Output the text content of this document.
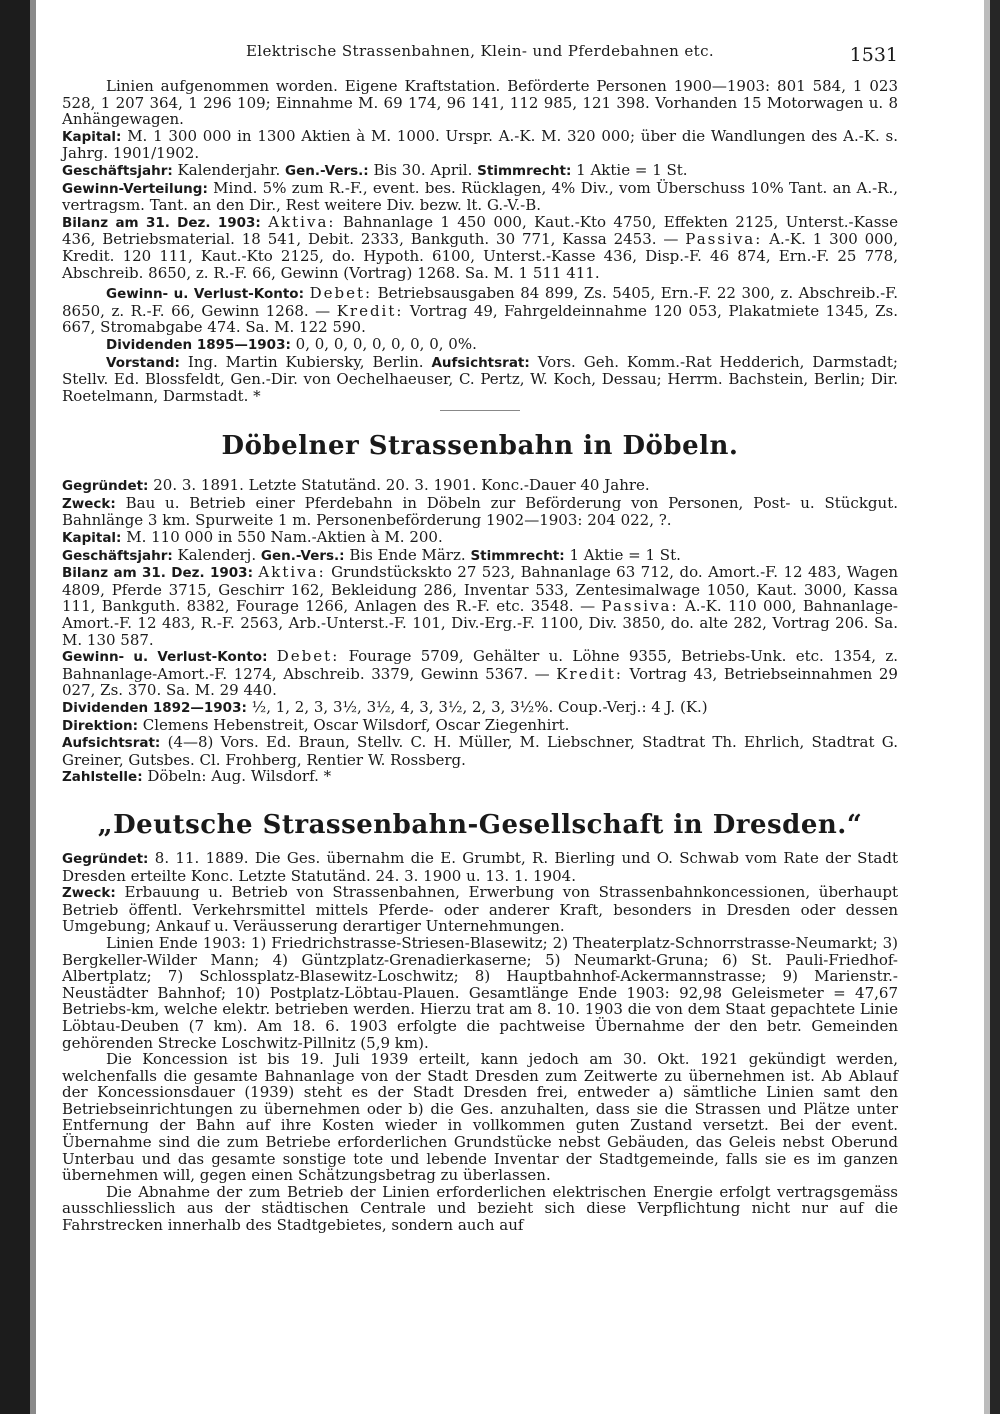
Elektrische Strassenbahnen, Klein- und Pferdebahnen etc.	1531

Linien aufgenommen worden. Eigene Kraftstation. Beförderte Personen 1900—1903: 801 584, 1 023 528, 1 207 364, 1 296 109; Einnahme M. 69 174, 96 141, 112 985, 121 398. Vorhanden 15 Motorwagen u. 8 Anhängewagen.

Kapital: M. 1 300 000 in 1300 Aktien à M. 1000. Urspr. A.-K. M. 320 000; über die Wandlungen des A.-K. s. Jahrg. 1901/1902.

Geschäftsjahr: Kalenderjahr. Gen.-Vers.: Bis 30. April. Stimmrecht: 1 Aktie = 1 St.

Gewinn-Verteilung: Mind. 5% zum R.-F., event. bes. Rücklagen, 4% Div., vom Überschuss 10% Tant. an A.-R., vertragsm. Tant. an den Dir., Rest weitere Div. bezw. lt. G.-V.-B.

Bilanz am 31. Dez. 1903: Aktiva: Bahnanlage 1 450 000, Kaut.-Kto 4750, Effekten 2125, Unterst.-Kasse 436, Betriebsmaterial. 18 541, Debit. 2333, Bankguth. 30 771, Kassa 2453. — Passiva: A.-K. 1 300 000, Kredit. 120 111, Kaut.-Kto 2125, do. Hypoth. 6100, Unterst.-Kasse 436, Disp.-F. 46 874, Ern.-F. 25 778, Abschreib. 8650, z. R.-F. 66, Gewinn (Vortrag) 1268. Sa. M. 1 511 411.

Gewinn- u. Verlust-Konto: Debet: Betriebsausgaben 84 899, Zs. 5405, Ern.-F. 22 300, z. Abschreib.-F. 8650, z. R.-F. 66, Gewinn 1268. — Kredit: Vortrag 49, Fahrgeldeinnahme 120 053, Plakatmiete 1345, Zs. 667, Stromabgabe 474. Sa. M. 122 590.

Dividenden 1895—1903: 0, 0, 0, 0, 0, 0, 0, 0, 0%.

Vorstand: Ing. Martin Kubiersky, Berlin. Aufsichtsrat: Vors. Geh. Komm.-Rat Hedderich, Darmstadt; Stellv. Ed. Blossfeldt, Gen.-Dir. von Oechelhaeuser, C. Pertz, W. Koch, Dessau; Herrm. Bachstein, Berlin; Dir. Roetelmann, Darmstadt. *

Döbelner Strassenbahn in Döbeln.

Gegründet: 20. 3. 1891. Letzte Statutänd. 20. 3. 1901. Konc.-Dauer 40 Jahre.

Zweck: Bau u. Betrieb einer Pferdebahn in Döbeln zur Beförderung von Personen, Post- u. Stückgut. Bahnlänge 3 km. Spurweite 1 m. Personenbeförderung 1902—1903: 204 022, ?.

Kapital: M. 110 000 in 550 Nam.-Aktien à M. 200.

Geschäftsjahr: Kalenderj. Gen.-Vers.: Bis Ende März. Stimmrecht: 1 Aktie = 1 St.

Bilanz am 31. Dez. 1903: Aktiva: Grundstückskto 27 523, Bahnanlage 63 712, do. Amort.-F. 12 483, Wagen 4809, Pferde 3715, Geschirr 162, Bekleidung 286, Inventar 533, Zentesimalwage 1050, Kaut. 3000, Kassa 111, Bankguth. 8382, Fourage 1266, Anlagen des R.-F. etc. 3548. — Passiva: A.-K. 110 000, Bahnanlage-Amort.-F. 12 483, R.-F. 2563, Arb.-Unterst.-F. 101, Div.-Erg.-F. 1100, Div. 3850, do. alte 282, Vortrag 206. Sa. M. 130 587.

Gewinn- u. Verlust-Konto: Debet: Fourage 5709, Gehälter u. Löhne 9355, Betriebs-Unk. etc. 1354, z. Bahnanlage-Amort.-F. 1274, Abschreib. 3379, Gewinn 5367. — Kredit: Vortrag 43, Betriebseinnahmen 29 027, Zs. 370. Sa. M. 29 440.

Dividenden 1892—1903: ½, 1, 2, 3, 3½, 3½, 4, 3, 3½, 2, 3, 3½%. Coup.-Verj.: 4 J. (K.)

Direktion: Clemens Hebenstreit, Oscar Wilsdorf, Oscar Ziegenhirt.

Aufsichtsrat: (4—8) Vors. Ed. Braun, Stellv. C. H. Müller, M. Liebschner, Stadtrat Th. Ehrlich, Stadtrat G. Greiner, Gutsbes. Cl. Frohberg, Rentier W. Rossberg.

Zahlstelle: Döbeln: Aug. Wilsdorf. *

„Deutsche Strassenbahn-Gesellschaft in Dresden.“

Gegründet: 8. 11. 1889. Die Ges. übernahm die E. Grumbt, R. Bierling und O. Schwab vom Rate der Stadt Dresden erteilte Konc. Letzte Statutänd. 24. 3. 1900 u. 13. 1. 1904.

Zweck: Erbauung u. Betrieb von Strassenbahnen, Erwerbung von Strassenbahnkoncessionen, überhaupt Betrieb öffentl. Verkehrsmittel mittels Pferde- oder anderer Kraft, besonders in Dresden oder dessen Umgebung; Ankauf u. Veräusserung derartiger Unternehmungen.

Linien Ende 1903: 1) Friedrichstrasse-Striesen-Blasewitz; 2) Theaterplatz-Schnorrstrasse-Neumarkt; 3) Bergkeller-Wilder Mann; 4) Güntzplatz-Grenadierkaserne; 5) Neumarkt-Gruna; 6) St. Pauli-Friedhof-Albertplatz; 7) Schlossplatz-Blasewitz-Loschwitz; 8) Hauptbahnhof-Ackermannstrasse; 9) Marienstr.-Neustädter Bahnhof; 10) Postplatz-Löbtau-Plauen. Gesamtlänge Ende 1903: 92,98 Geleismeter = 47,67 Betriebs-km, welche elektr. betrieben werden. Hierzu trat am 8. 10. 1903 die von dem Staat gepachtete Linie Löbtau-Deuben (7 km). Am 18. 6. 1903 erfolgte die pachtweise Übernahme der den betr. Gemeinden gehörenden Strecke Loschwitz-Pillnitz (5,9 km).

Die Koncession ist bis 19. Juli 1939 erteilt, kann jedoch am 30. Okt. 1921 gekündigt werden, welchenfalls die gesamte Bahnanlage von der Stadt Dresden zum Zeitwerte zu übernehmen ist. Ab Ablauf der Koncessionsdauer (1939) steht es der Stadt Dresden frei, entweder a) sämtliche Linien samt den Betriebseinrichtungen zu übernehmen oder b) die Ges. anzuhalten, dass sie die Strassen und Plätze unter Entfernung der Bahn auf ihre Kosten wieder in vollkommen guten Zustand versetzt. Bei der event. Übernahme sind die zum Betriebe erforderlichen Grundstücke nebst Gebäuden, das Geleis nebst Oberund Unterbau und das gesamte sonstige tote und lebende Inventar der Stadtgemeinde, falls sie es im ganzen übernehmen will, gegen einen Schätzungsbetrag zu überlassen.

Die Abnahme der zum Betrieb der Linien erforderlichen elektrischen Energie erfolgt vertragsgemäss ausschliesslich aus der städtischen Centrale und bezieht sich diese Verpflichtung nicht nur auf die Fahrstrecken innerhalb des Stadtgebietes, sondern auch auf
